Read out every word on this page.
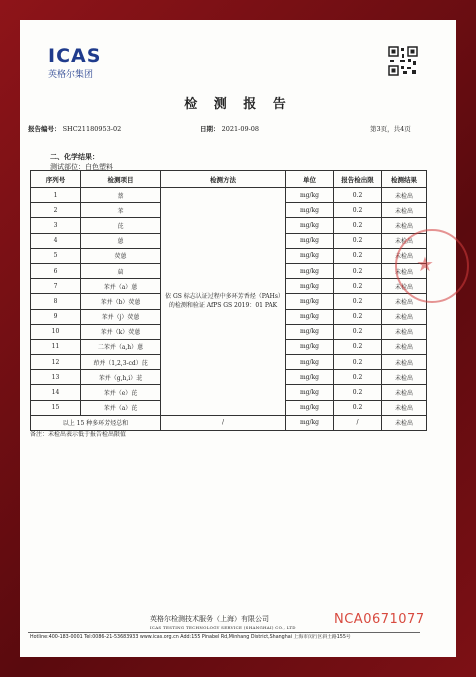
ICAS
英格尔集团
检 测 报 告
报告编号： SHC21180953-02	日期： 2021-09-08	第3页，共4页
二、化学结果：
测试部位：白色塑料
序列号	检测项目	检测方法	单位	报告检出限	检测结果
1	萘	依 GS 标志认证过程中多环芳香烃（PAHs）的检测和验证 AfPS GS 2019：01 PAK	mg/kg	0.2	未检出
2	苯		mg/kg	0.2	未检出
3	芘		mg/kg	0.2	未检出
4	蒽		mg/kg	0.2	未检出
5	荧蒽		mg/kg	0.2	未检出
6	䓛		mg/kg	0.2	未检出
7	苯并（a）蒽		mg/kg	0.2	未检出
8	苯并（b）荧蒽		mg/kg	0.2	未检出
9	苯并（j）荧蒽		mg/kg	0.2	未检出
10	苯并（k）荧蒽		mg/kg	0.2	未检出
11	二苯并（a,h）蒽		mg/kg	0.2	未检出
12	茚并（1,2,3-cd）芘		mg/kg	0.2	未检出
13	苯并（g,h,i）苝		mg/kg	0.2	未检出
14	苯并（e）芘		mg/kg	0.2	未检出
15	苯并（a）芘		mg/kg	0.2	未检出
以上 15 种多环芳烃总和		/	mg/kg	/	未检出
备注：未检出表示低于报告检出限值
★
英格尔检测技术服务（上海）有限公司
ICAS TESTING TECHNOLOGY SERVICE (SHANGHAI) CO., LTD
NCA0671077
Hotline:400-183-0001 Tel:0086-21-53683933 www.icas.org.cn Add:155 Pinabel Rd,Minhang District,Shanghai 上海市闵行区斜土路155号
